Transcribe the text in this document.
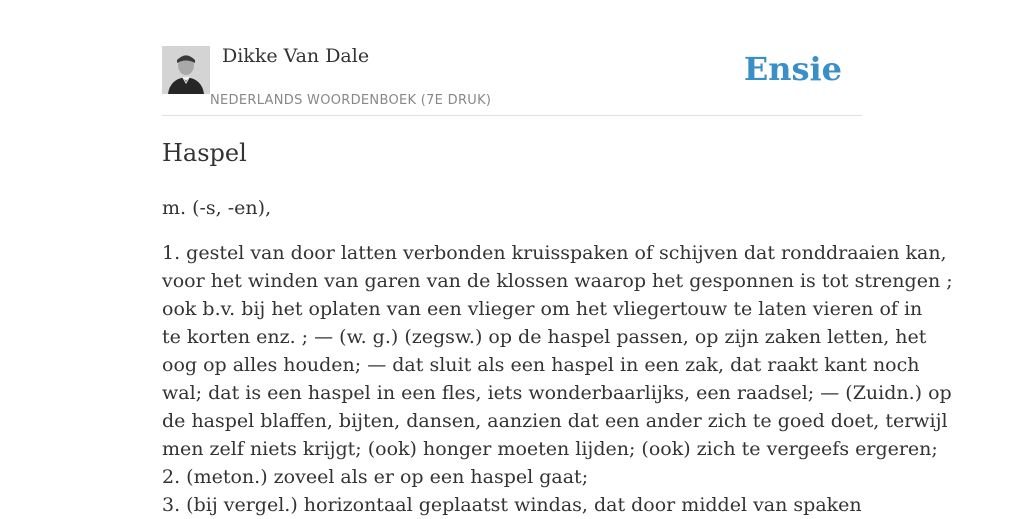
Dikke Van Dale
NEDERLANDS WOORDENBOEK (7E DRUK)
Ensie
Haspel

m. (-s, -en),

1. gestel van door latten verbonden kruisspaken of schijven dat ronddraaien kan,
voor het winden van garen van de klossen waarop het gesponnen is tot strengen ;
ook b.v. bij het oplaten van een vlieger om het vliegertouw te laten vieren of in
te korten enz. ; — (w. g.) (zegsw.) op de haspel passen, op zijn zaken letten, het
oog op alles houden; — dat sluit als een haspel in een zak, dat raakt kant noch
wal; dat is een haspel in een fles, iets wonderbaarlijks, een raadsel; — (Zuidn.) op
de haspel blaffen, bijten, dansen, aanzien dat een ander zich te goed doet, terwijl
men zelf niets krijgt; (ook) honger moeten lijden; (ook) zich te vergeefs ergeren;
2. (meton.) zoveel als er op een haspel gaat;
3. (bij vergel.) horizontaal geplaatst windas, dat door middel van spaken
